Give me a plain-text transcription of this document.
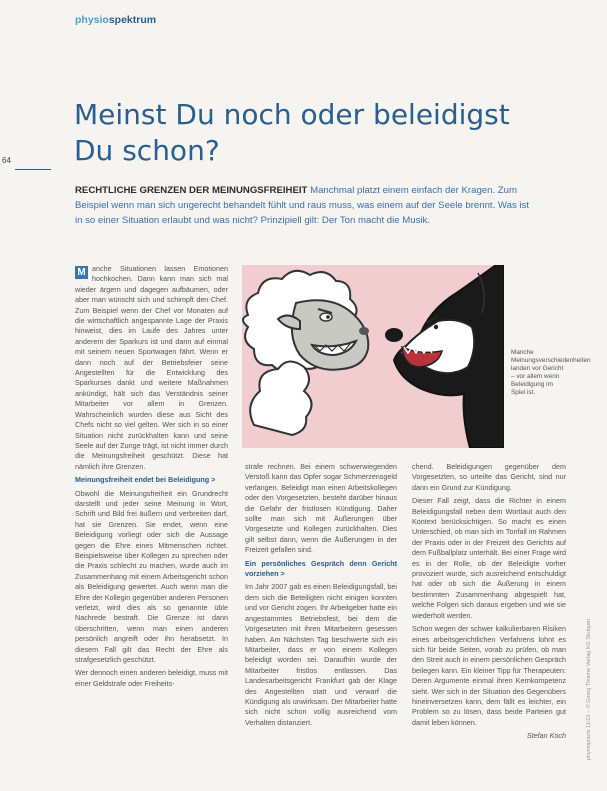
physiospektrum
64
Meinst Du noch oder beleidigst Du schon?

RECHTLICHE GRENZEN DER MEINUNGSFREIHEIT Manchmal platzt einem einfach der Kragen. Zum Beispiel wenn man sich ungerecht behandelt fühlt und raus muss, was einem auf der Seele brennt. Was ist in so einer Situation erlaubt und was nicht? Prinzipiell gilt: Der Ton macht die Musik.

M anche Situationen lassen Emotionen hochkochen. Dann kann man sich mal wieder ärgern und dagegen aufbäumen, oder aber man wünscht sich und schimpft den Chef. Zum Beispiel wenn der Chef vor Monaten auf die wirtschaftlich angespannte Lage der Praxis hinweist, dies im Laufe des Jahres unter anderem der Sparkurs ist und dann auf einmal mit seinem neuen Sportwagen fährt. Wenn er dann noch auf der Betriebsfeier seine Angestellten für die Entwicklung des Sparkurses dankt und weitere Maßnahmen ankündigt, hält sich das Verständnis seiner Mitarbeiter vor allem in Grenzen. Wahrscheinlich wurden diese aus Sicht des Chefs nicht so viel gelten. Wer sich in so einer Situation nicht zurückhalten kann und seine Seele auf der Zunge trägt, ist nicht immer durch die Meinungsfreiheit geschützt. Diese hat nämlich ihre Grenzen.

Meinungsfreiheit endet bei Beleidigung >

Obwohl die Meinungsfreiheit ein Grundrecht darstellt und jeder seine Meinung in Wort, Schrift und Bild frei äußern und verbreiten darf, hat sie Grenzen. Sie endet, wenn eine Beleidigung vorliegt oder sich die Aussage gegen die Ehre eines Mitmenschen richtet. Beispielsweise über Kollegen zu sprechen oder die Praxis schlecht zu machen, wurde auch im Zusammenhang mit einem Arbeitsgericht schon als Beleidigung gewertet. Auch wenn man die Ehre der Kollegin gegenüber anderen Personen verletzt, wird dies als so genannte üble Nachrede bestraft. Die Grenze ist dann überschritten, wenn man einen anderen persönlich angreift oder ihn herabsetzt. In diesem Fall gilt das Recht der Ehre als strafgesetzlich geschützt.

Wer dennoch einen anderen beleidigt, muss mit einer Geldstrafe oder Freiheits-

Manche Meinungsverschiedenheiten landen vor Gericht – vor allem wenn Beleidigung im Spiel ist.

strafe rechnen. Bei einem schwerwiegenden Verstoß kann das Opfer sogar Schmerzensgeld verlangen. Beleidigt man einen Arbeitskollegen oder den Vorgesetzten, besteht darüber hinaus die Gefahr der fristlosen Kündigung. Daher sollte man sich mit Äußerungen über Vorgesetzte und Kollegen zurückhalten. Dies gilt selbst dann, wenn die Äußerungen in der Freizeit gefallen sind.

Ein persönliches Gespräch denn Gericht vorziehen >

Im Jahr 2007 gab es einen Beleidigungsfall, bei dem sich die Beteiligten nicht einigen konnten und vor Gericht zogen. Ihr Arbeitgeber hatte ein angestammtes Betriebsfest, bei dem die Vorgesetzten mit ihren Mitarbeitern gesessen haben. Am Nächsten Tag beschwerte sich ein Mitarbeiter, dass er von einem Kollegen beleidigt worden sei. Daraufhin wurde der Mitarbeiter fristlos entlassen. Das Landesarbeitsgericht Frankfurt gab der Klage des Angestellten statt und verwarf die Kündigung als unwirksam. Der Mitarbeiter hatte sich nicht schon vollig ausreichend vom Verhalten distanziert.

chend. Beleidigungen gegenüber dem Vorgesetzten, so urteilte das Gericht, sind nur dann ein Grund zur Kündigung.

Dieser Fall zeigt, dass die Richter in einem Beleidigungsfall neben dem Wortlaut auch den Kontext berücksichtigen. So macht es einen Unterschied, ob man sich im Tonfall im Rahmen der Praxis oder in der Freizeit des Gerichts auf dem Fußballplatz unterhält. Bei einer Frage wird es in der Rolle, ob der Beleidigte vorher provoziert wurde, sich ausreichend entschuldigt hat oder ob sich die Äußerung in einem bestimmten Zusammenhang abgespielt hat, welche Folgen sich daraus ergeben und wie sie wiederholt werden.

Schon wegen der schwer kalkulierbaren Risiken eines arbeitsgerichtlichen Verfahrens lohnt es sich für beide Seiten, vorab zu prüfen, ob man den Streit auch in einem persönlichen Gespräch beilegen kann. Ein kleiner Tipp für Therapeuten: Deren Argumente einmal ihren Kernkompetenz sieht. Wer sich in der Situation des Gegenübers hineinversetzen kann, dem fällt es leichter, ein Problem so zu lösen, dass beide Parteien gut damit leben können.

Stefan Koch	physiopraxis 11/13 – © Georg Thieme Verlag KG Stuttgart
